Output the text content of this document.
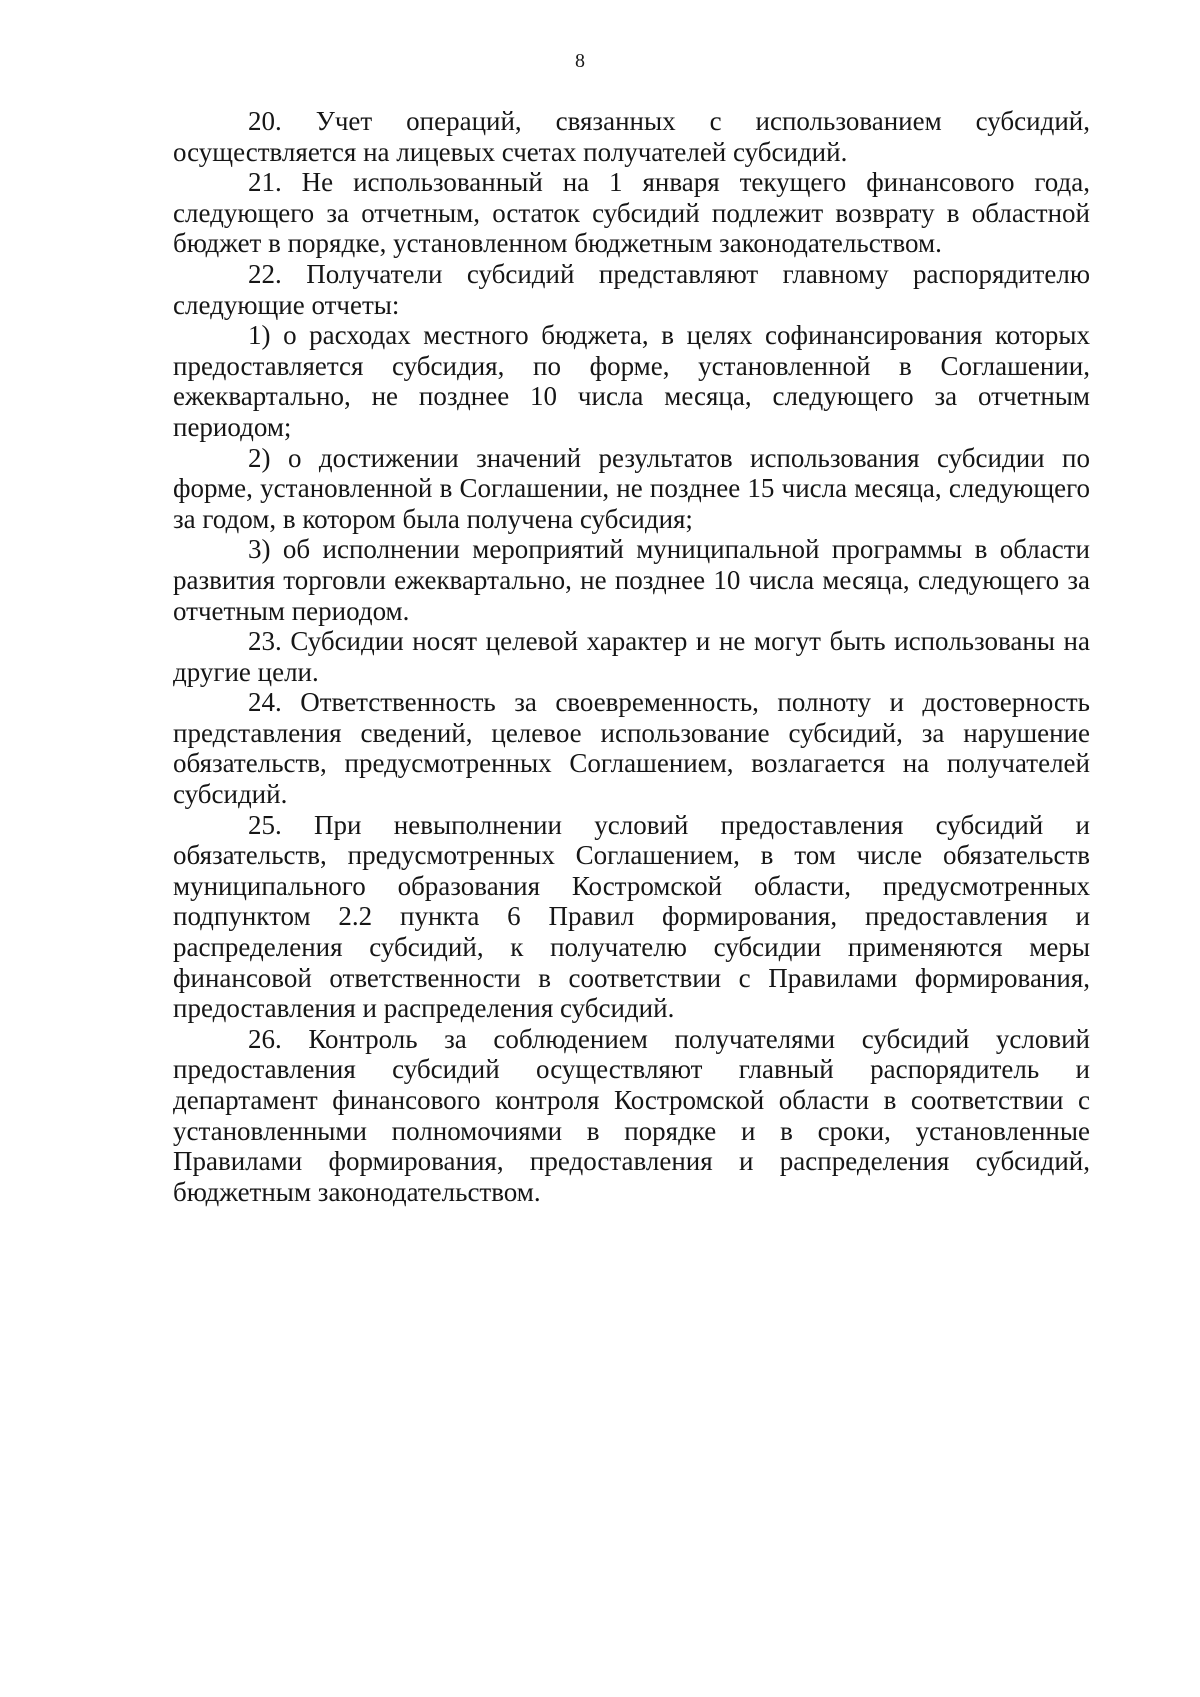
8

20. Учет операций, связанных с использованием субсидий, осуществляется на лицевых счетах получателей субсидий.

21. Не использованный на 1 января текущего финансового года, следующего за отчетным, остаток субсидий подлежит возврату в областной бюджет в порядке, установленном бюджетным законодательством.

22. Получатели субсидий представляют главному распорядителю следующие отчеты:

1) о расходах местного бюджета, в целях софинансирования которых предоставляется субсидия, по форме, установленной в Соглашении, ежеквартально, не позднее 10 числа месяца, следующего за отчетным периодом;

2) о достижении значений результатов использования субсидии по форме, установленной в Соглашении, не позднее 15 числа месяца, следующего за годом, в котором была получена субсидия;

3) об исполнении мероприятий муниципальной программы в области развития торговли ежеквартально, не позднее 10 числа месяца, следующего за отчетным периодом.

23. Субсидии носят целевой характер и не могут быть использованы на другие цели.

24. Ответственность за своевременность, полноту и достоверность представления сведений, целевое использование субсидий, за нарушение обязательств, предусмотренных Соглашением, возлагается на получателей субсидий.

25. При невыполнении условий предоставления субсидий и обязательств, предусмотренных Соглашением, в том числе обязательств муниципального образования Костромской области, предусмотренных подпунктом 2.2 пункта 6 Правил формирования, предоставления и распределения субсидий, к получателю субсидии применяются меры финансовой ответственности в соответствии с Правилами формирования, предоставления и распределения субсидий.

26. Контроль за соблюдением получателями субсидий условий предоставления субсидий осуществляют главный распорядитель и департамент финансового контроля Костромской области в соответствии с установленными полномочиями в порядке и в сроки, установленные Правилами формирования, предоставления и распределения субсидий, бюджетным законодательством.
